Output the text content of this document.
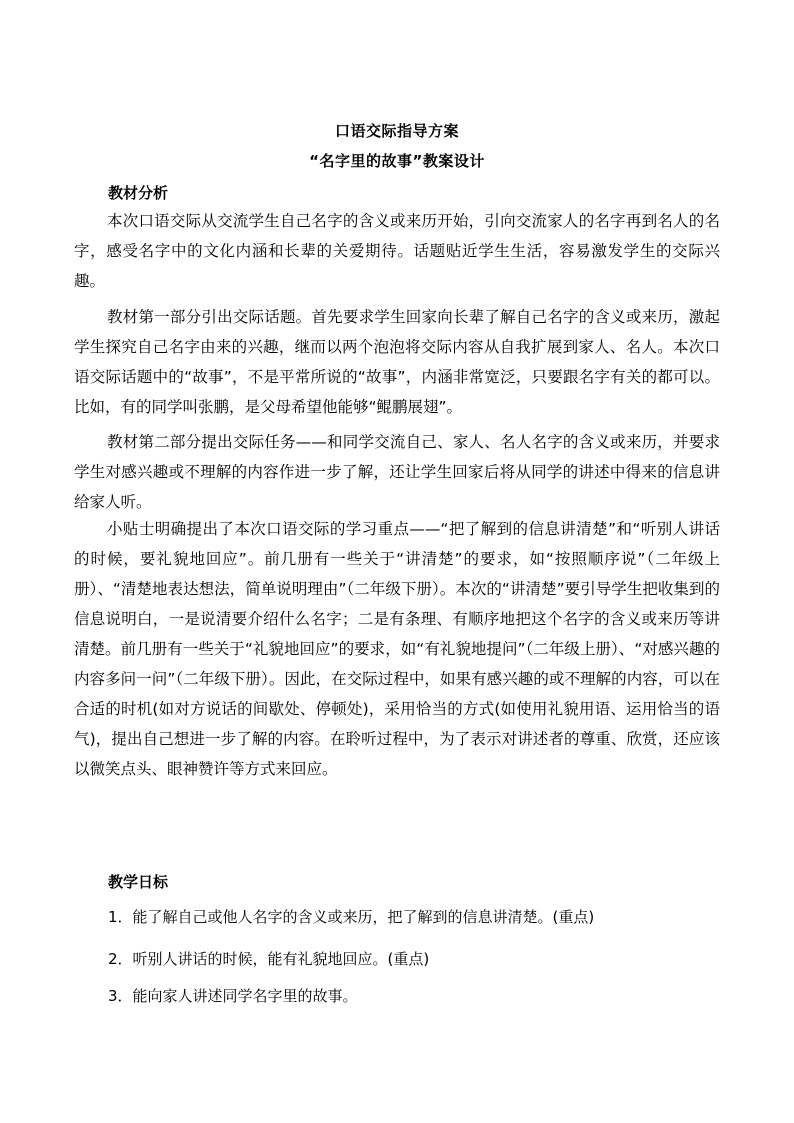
口语交际指导方案
“名字里的故事”教案设计
教材分析

本次口语交际从交流学生自己名字的含义或来历开始，引向交流家人的名字再到名人的名字，感受名字中的文化内涵和长辈的关爱期待。话题贴近学生生活，容易激发学生的交际兴趣。

教材第一部分引出交际话题。首先要求学生回家向长辈了解自己名字的含义或来历，激起学生探究自己名字由来的兴趣，继而以两个泡泡将交际内容从自我扩展到家人、名人。本次口语交际话题中的“故事”，不是平常所说的“故事”，内涵非常宽泛，只要跟名字有关的都可以。比如，有的同学叫张鹏，是父母希望他能够“鲲鹏展翅”。

教材第二部分提出交际任务——和同学交流自己、家人、名人名字的含义或来历，并要求学生对感兴趣或不理解的内容作进一步了解，还让学生回家后将从同学的讲述中得来的信息讲给家人听。

小贴士明确提出了本次口语交际的学习重点——“把了解到的信息讲清楚”和“听别人讲话的时候，要礼貌地回应”。前几册有一些关于“讲清楚”的要求，如“按照顺序说”（二年级上册）、“清楚地表达想法，简单说明理由”（二年级下册）。本次的“讲清楚”要引导学生把收集到的信息说明白，一是说清要介绍什么名字；二是有条理、有顺序地把这个名字的含义或来历等讲清楚。前几册有一些关于“礼貌地回应”的要求，如“有礼貌地提问”（二年级上册）、“对感兴趣的内容多问一问”（二年级下册）。因此，在交际过程中，如果有感兴趣的或不理解的内容，可以在合适的时机(如对方说话的间歇处、停顿处)，采用恰当的方式(如使用礼貌用语、运用恰当的语气)，提出自己想进一步了解的内容。在聆听过程中，为了表示对讲述者的尊重、欣赏，还应该以微笑点头、眼神赞许等方式来回应。

教学日标
1．能了解自己或他人名字的含义或来历，把了解到的信息讲清楚。(重点)
2．听别人讲话的时候，能有礼貌地回应。(重点)
3．能向家人讲述同学名字里的故事。
